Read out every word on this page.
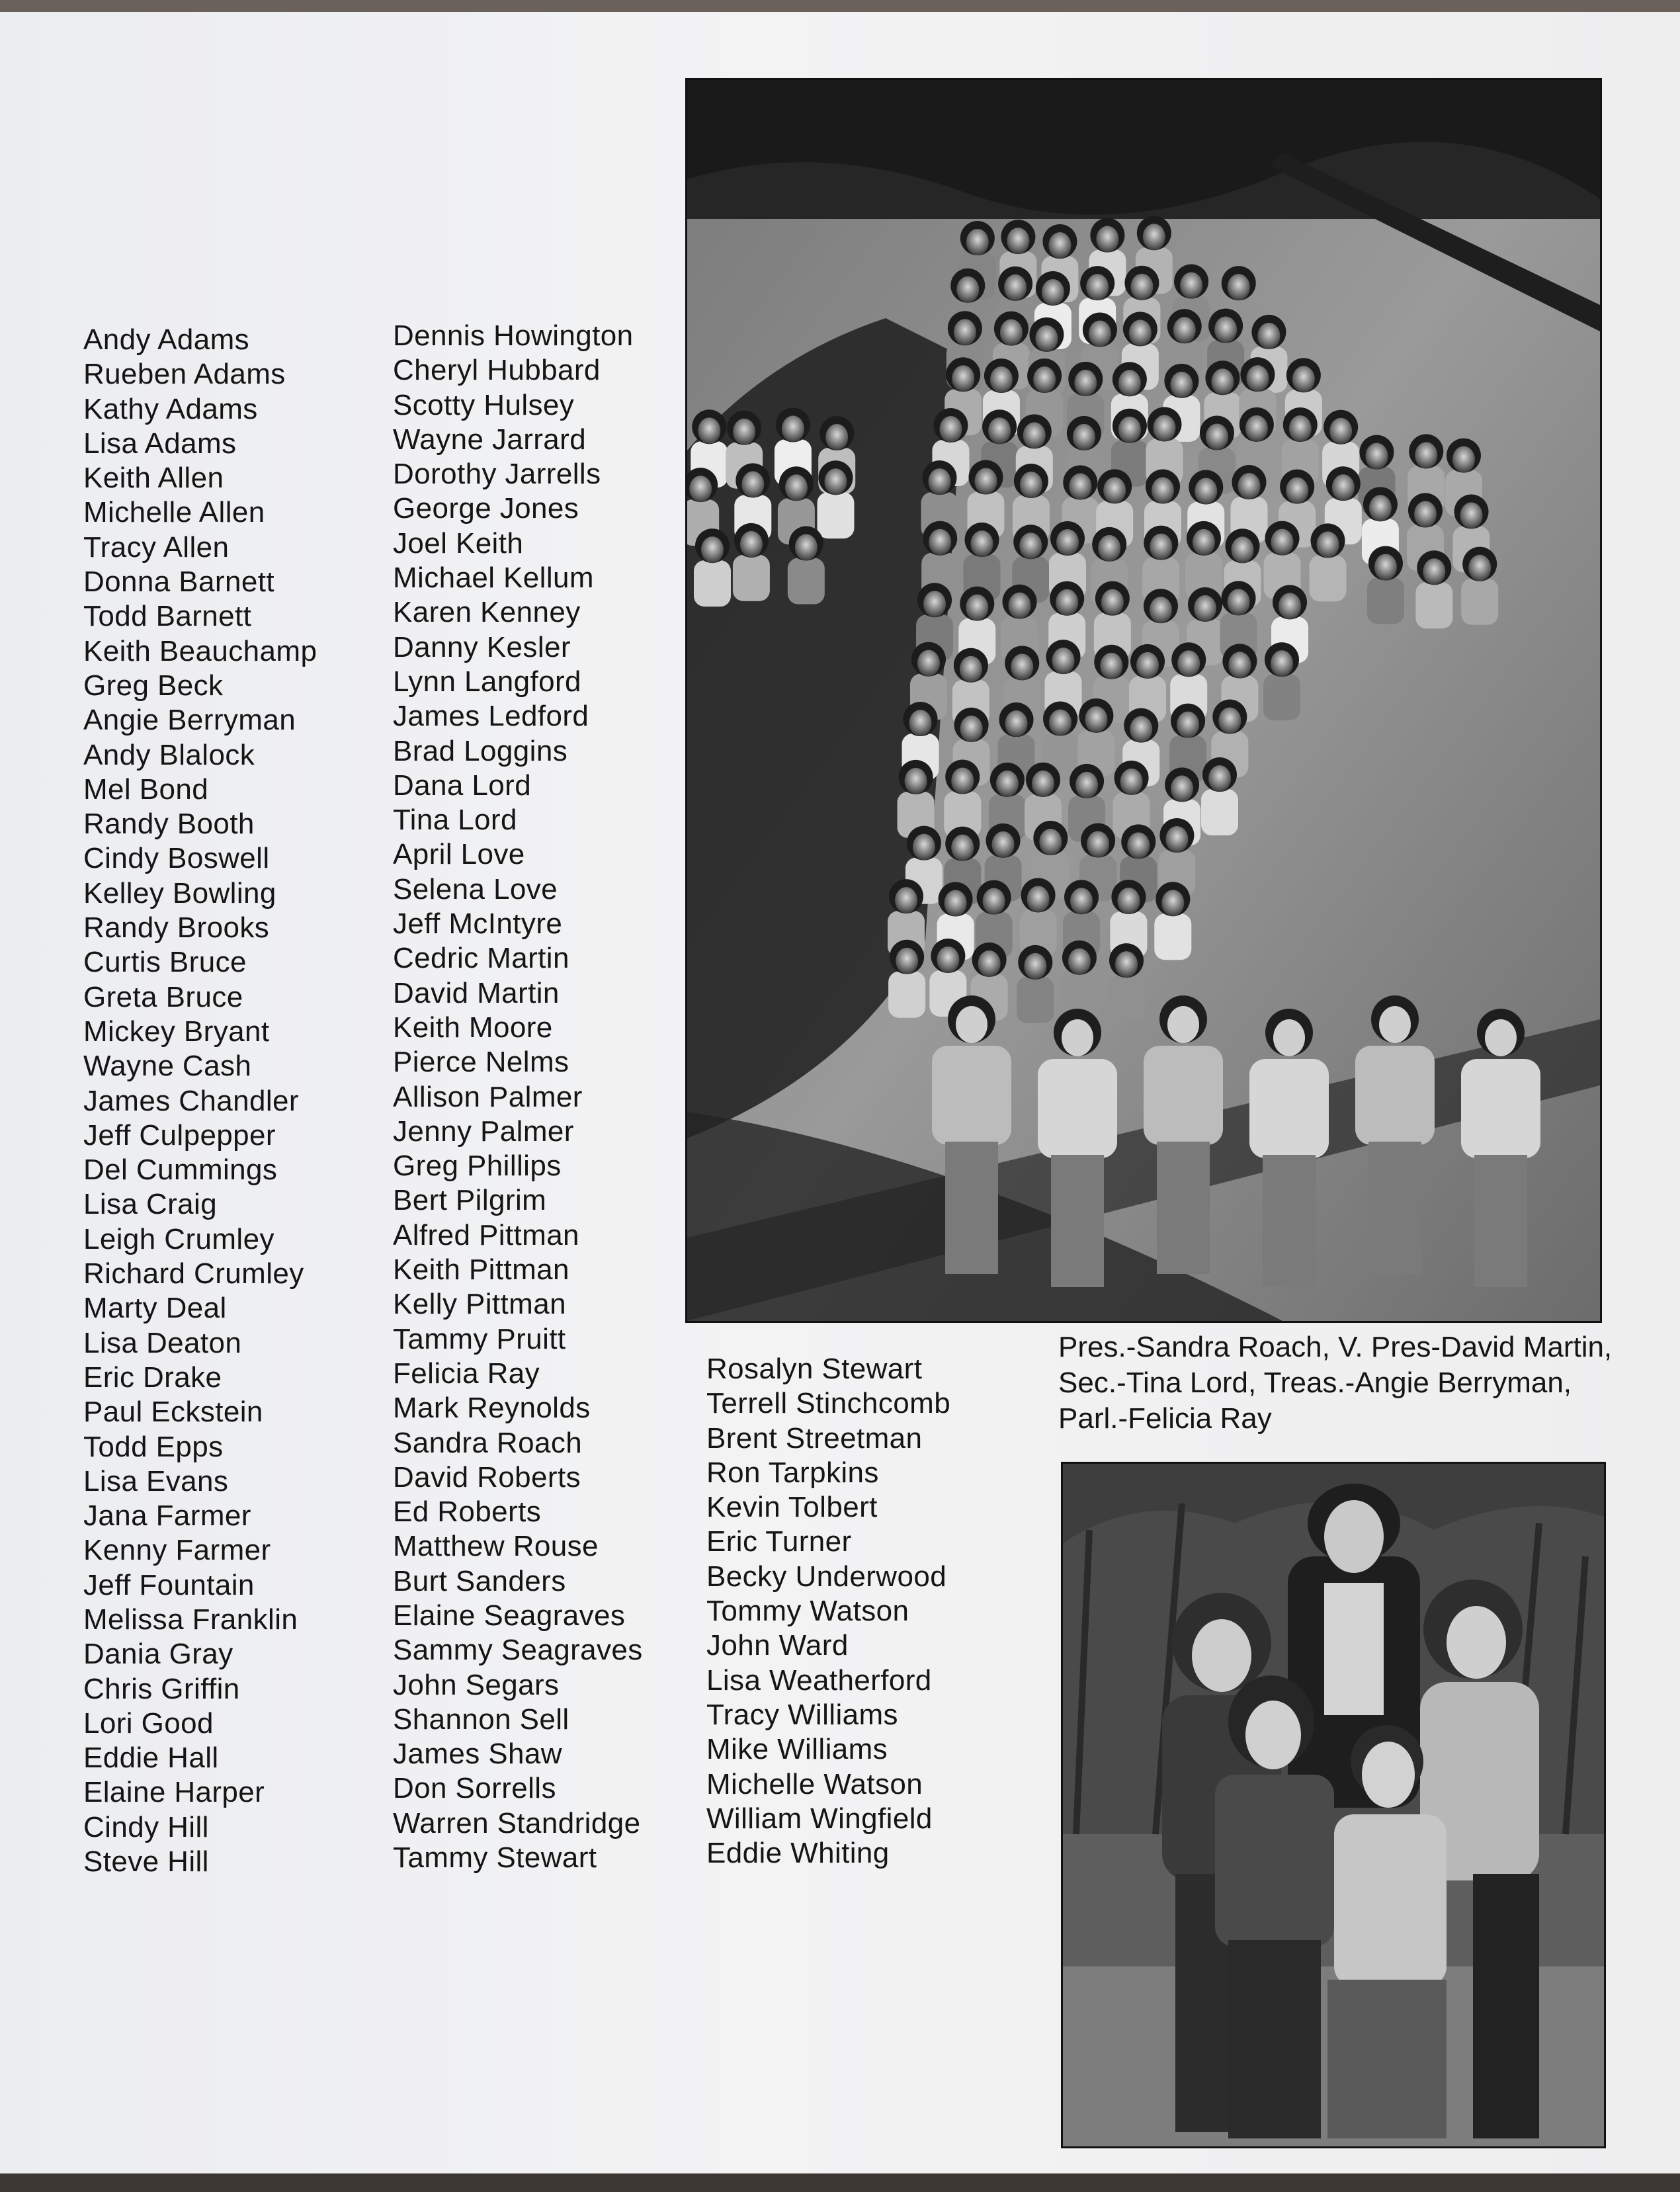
Andy Adams
Rueben Adams
Kathy Adams
Lisa Adams
Keith Allen
Michelle Allen
Tracy Allen
Donna Barnett
Todd Barnett
Keith Beauchamp
Greg Beck
Angie Berryman
Andy Blalock
Mel Bond
Randy Booth
Cindy Boswell
Kelley Bowling
Randy Brooks
Curtis Bruce
Greta Bruce
Mickey Bryant
Wayne Cash
James Chandler
Jeff Culpepper
Del Cummings
Lisa Craig
Leigh Crumley
Richard Crumley
Marty Deal
Lisa Deaton
Eric Drake
Paul Eckstein
Todd Epps
Lisa Evans
Jana Farmer
Kenny Farmer
Jeff Fountain
Melissa Franklin
Dania Gray
Chris Griffin
Lori Good
Eddie Hall
Elaine Harper
Cindy Hill
Steve Hill
Dennis Howington
Cheryl Hubbard
Scotty Hulsey
Wayne Jarrard
Dorothy Jarrells
George Jones
Joel Keith
Michael Kellum
Karen Kenney
Danny Kesler
Lynn Langford
James Ledford
Brad Loggins
Dana Lord
Tina Lord
April Love
Selena Love
Jeff McIntyre
Cedric Martin
David Martin
Keith Moore
Pierce Nelms
Allison Palmer
Jenny Palmer
Greg Phillips
Bert Pilgrim
Alfred Pittman
Keith Pittman
Kelly Pittman
Tammy Pruitt
Felicia Ray
Mark Reynolds
Sandra Roach
David Roberts
Ed Roberts
Matthew Rouse
Burt Sanders
Elaine Seagraves
Sammy Seagraves
John Segars
Shannon Sell
James Shaw
Don Sorrells
Warren Standridge
Tammy Stewart
Rosalyn Stewart
Terrell Stinchcomb
Brent Streetman
Ron Tarpkins
Kevin Tolbert
Eric Turner
Becky Underwood
Tommy Watson
John Ward
Lisa Weatherford
Tracy Williams
Mike Williams
Michelle Watson
William Wingfield
Eddie Whiting

Pres.-Sandra Roach, V. Pres-David Martin, Sec.-Tina Lord, Treas.-Angie Berryman, Parl.-Felicia Ray
